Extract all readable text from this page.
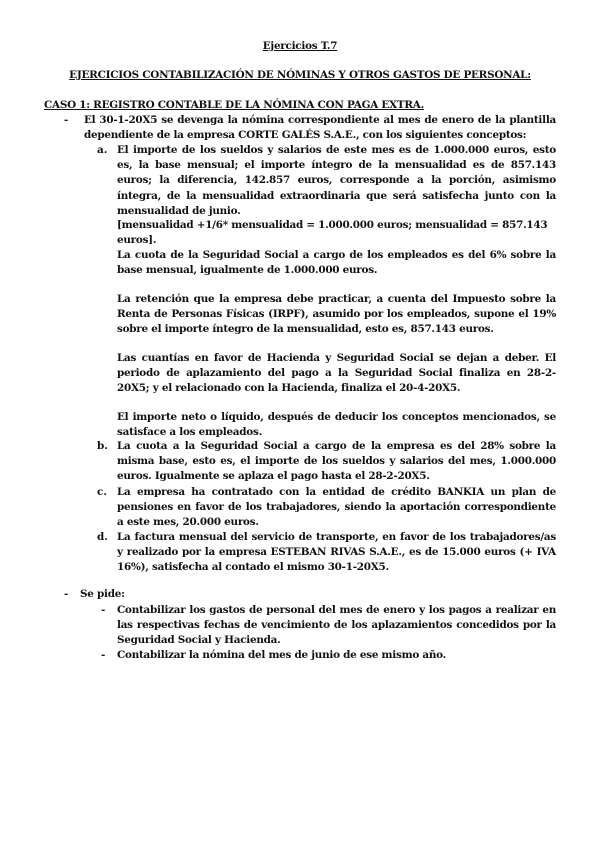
Ejercicios T.7
EJERCICIOS CONTABILIZACIÓN DE NÓMINAS Y OTROS GASTOS DE PERSONAL:
CASO 1: REGISTRO CONTABLE DE LA NÓMINA CON PAGA EXTRA.
- El 30-1-20X5 se devenga la nómina correspondiente al mes de enero de la plantilla dependiente de la empresa CORTE GALÉS S.A.E., con los siguientes conceptos:
a. El importe de los sueldos y salarios de este mes es de 1.000.000 euros, esto es, la base mensual; el importe íntegro de la mensualidad es de 857.143 euros; la diferencia, 142.857 euros, corresponde a la porción, asimismo íntegra, de la mensualidad extraordinaria que será satisfecha junto con la mensualidad de junio.
[mensualidad +1/6* mensualidad = 1.000.000 euros; mensualidad = 857.143 euros].
La cuota de la Seguridad Social a cargo de los empleados es del 6% sobre la base mensual, igualmente de 1.000.000 euros.
La retención que la empresa debe practicar, a cuenta del Impuesto sobre la Renta de Personas Físicas (IRPF), asumido por los empleados, supone el 19% sobre el importe íntegro de la mensualidad, esto es, 857.143 euros.
Las cuantías en favor de Hacienda y Seguridad Social se dejan a deber. El periodo de aplazamiento del pago a la Seguridad Social finaliza en 28-2- 20X5; y el relacionado con la Hacienda, finaliza el 20-4-20X5.
El importe neto o líquido, después de deducir los conceptos mencionados, se satisface a los empleados.
b. La cuota a la Seguridad Social a cargo de la empresa es del 28% sobre la misma base, esto es, el importe de los sueldos y salarios del mes, 1.000.000 euros. Igualmente se aplaza el pago hasta el 28-2-20X5.
c. La empresa ha contratado con la entidad de crédito BANKIA un plan de pensiones en favor de los trabajadores, siendo la aportación correspondiente a este mes, 20.000 euros.
d. La factura mensual del servicio de transporte, en favor de los trabajadores/as y realizado por la empresa ESTEBAN RIVAS S.A.E., es de 15.000 euros (+ IVA 16%), satisfecha al contado el mismo 30-1-20X5.
- Se pide:
- Contabilizar los gastos de personal del mes de enero y los pagos a realizar en las respectivas fechas de vencimiento de los aplazamientos concedidos por la Seguridad Social y Hacienda.
- Contabilizar la nómina del mes de junio de ese mismo año.
